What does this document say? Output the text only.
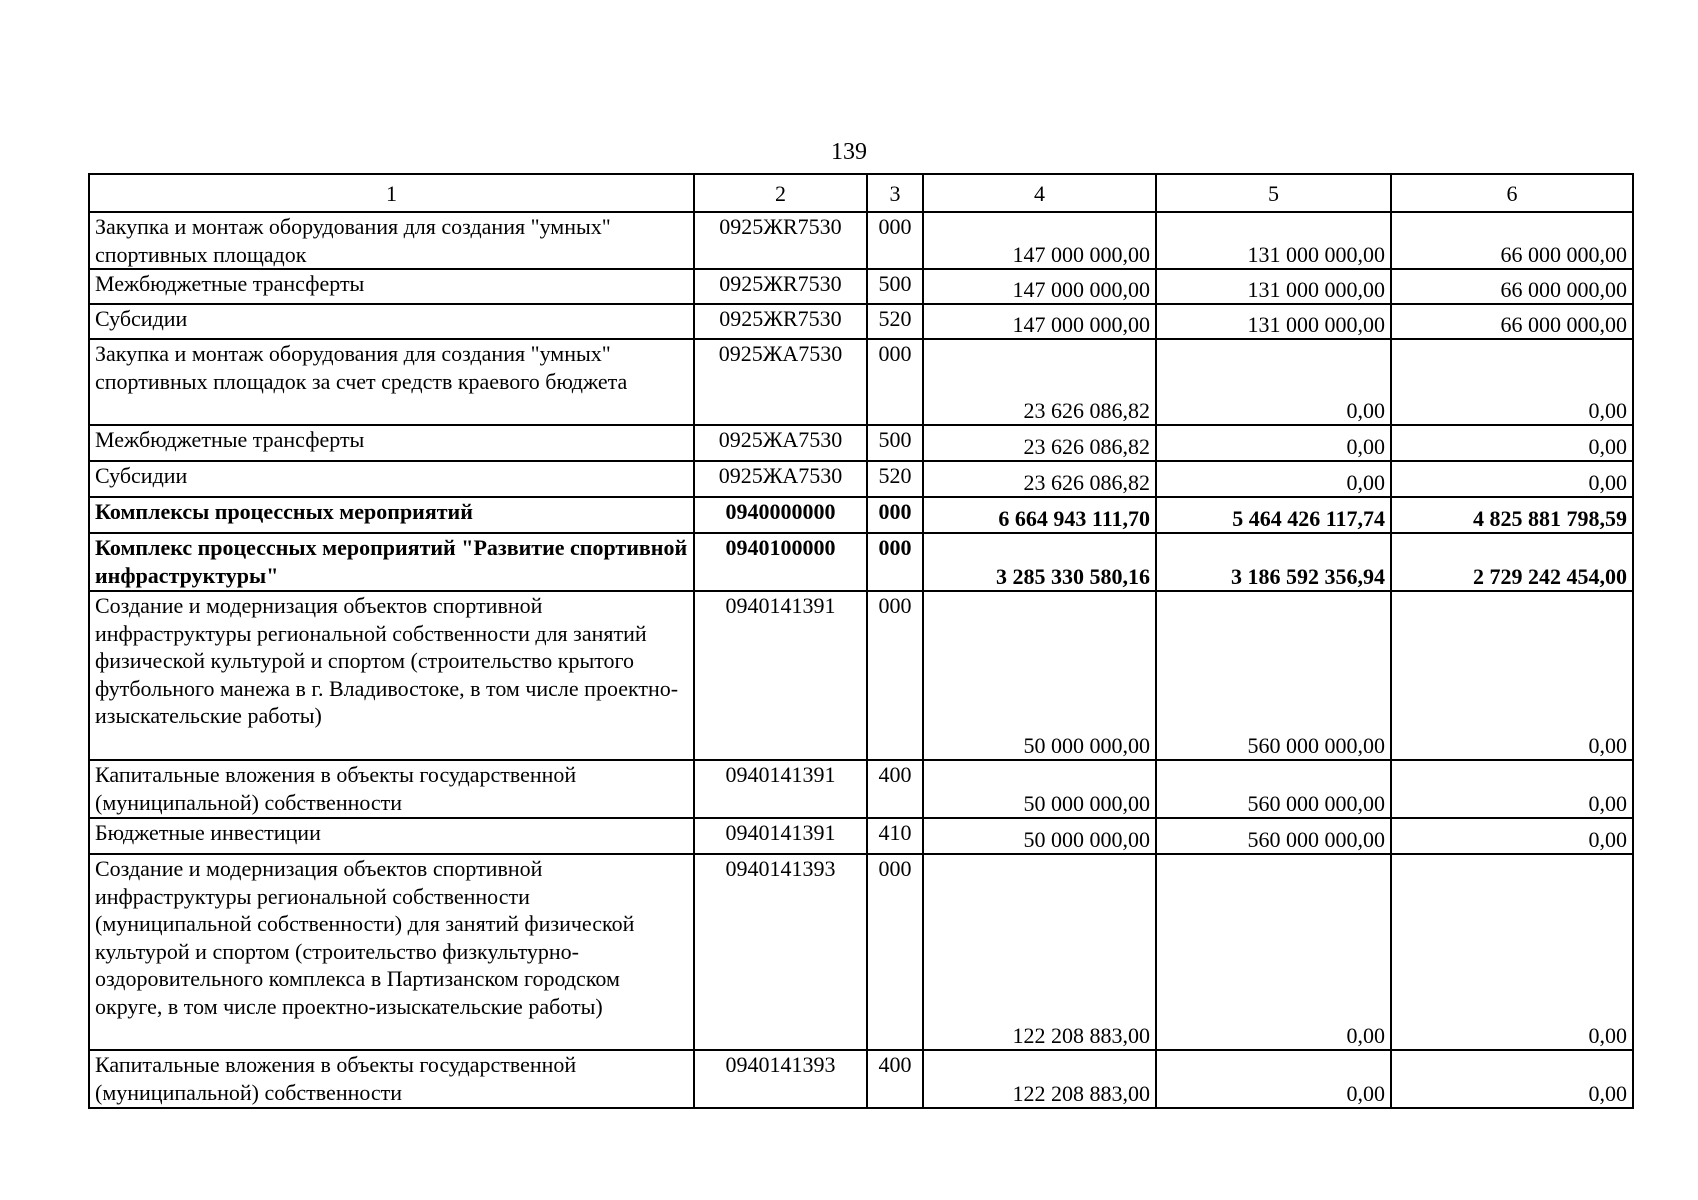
139
1	2	3	4	5	6
Закупка и монтаж оборудования для создания "умных" спортивных площадок	0925ЖR7530	000	147 000 000,00	131 000 000,00	66 000 000,00
Межбюджетные трансферты	0925ЖR7530	500	147 000 000,00	131 000 000,00	66 000 000,00
Субсидии	0925ЖR7530	520	147 000 000,00	131 000 000,00	66 000 000,00
Закупка и монтаж оборудования для создания "умных" спортивных площадок за счет средств краевого бюджета	0925ЖА7530	000	23 626 086,82	0,00	0,00
Межбюджетные трансферты	0925ЖА7530	500	23 626 086,82	0,00	0,00
Субсидии	0925ЖА7530	520	23 626 086,82	0,00	0,00
Комплексы процессных мероприятий	0940000000	000	6 664 943 111,70	5 464 426 117,74	4 825 881 798,59
Комплекс процессных мероприятий "Развитие спортивной инфраструктуры"	0940100000	000	3 285 330 580,16	3 186 592 356,94	2 729 242 454,00
Создание и модернизация объектов спортивной инфраструктуры региональной собственности для занятий физической культурой и спортом (строительство крытого футбольного манежа в г. Владивостоке, в том числе проектно-изыскательские работы)	0940141391	000	50 000 000,00	560 000 000,00	0,00
Капитальные вложения в объекты государственной (муниципальной) собственности	0940141391	400	50 000 000,00	560 000 000,00	0,00
Бюджетные инвестиции	0940141391	410	50 000 000,00	560 000 000,00	0,00
Создание и модернизация объектов спортивной инфраструктуры региональной собственности (муниципальной собственности) для занятий физической культурой и спортом (строительство физкультурно-оздоровительного комплекса в Партизанском городском округе, в том числе проектно-изыскательские работы)	0940141393	000	122 208 883,00	0,00	0,00
Капитальные вложения в объекты государственной (муниципальной) собственности	0940141393	400	122 208 883,00	0,00	0,00
